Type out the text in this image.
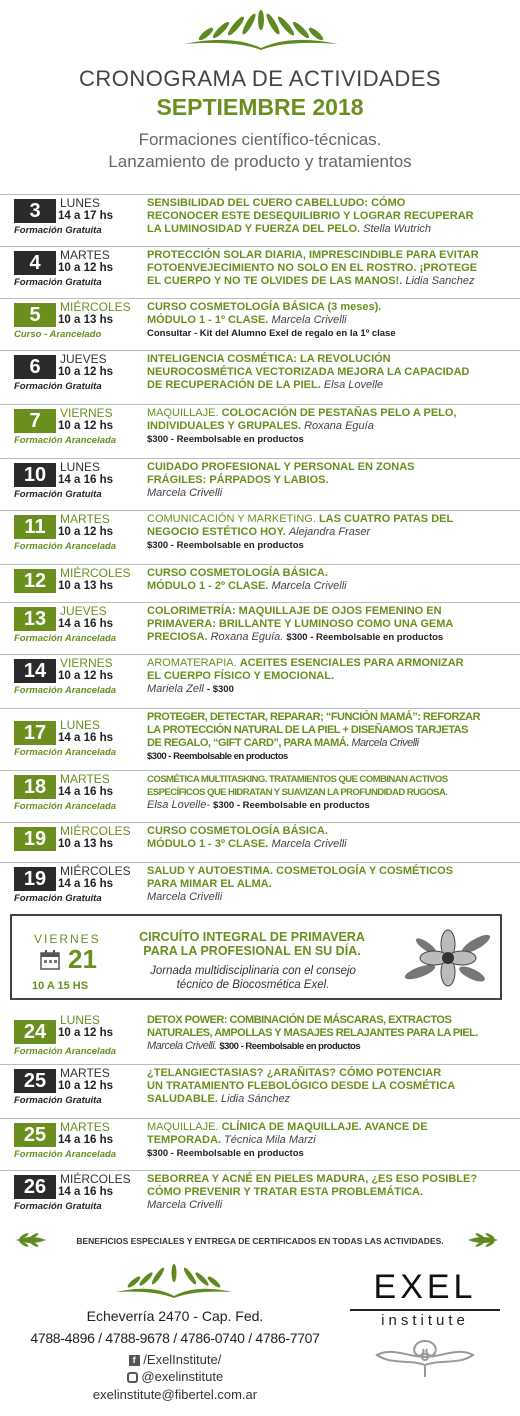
CRONOGRAMA DE ACTIVIDADES
SEPTIEMBRE 2018
Formaciones científico-técnicas.
Lanzamiento de producto y tratamientos
3	LUNES
14 a 17 hs
Formación Gratuita
SENSIBILIDAD DEL CUERO CABELLUDO: CÓMO
RECONOCER ESTE DESEQUILIBRIO Y LOGRAR RECUPERAR
LA LUMINOSIDAD Y FUERZA DEL PELO. Stella Wutrich
4	MARTES
10 a 12 hs
Formación Gratuita
PROTECCIÓN SOLAR DIARIA, IMPRESCINDIBLE PARA EVITAR
FOTOENVEJECIMIENTO NO SOLO EN EL ROSTRO. ¡PROTEGE
EL CUERPO Y NO TE OLVIDES DE LAS MANOS!. Lidia Sanchez
5	MIÉRCOLES
10 a 13 hs
Curso - Arancelado
CURSO COSMETOLOGÍA BÁSICA (3 meses).
MÓDULO 1 - 1º CLASE. Marcela Crivelli
Consultar - Kit del Alumno Exel de regalo en la 1º clase
6	JUEVES
10 a 12 hs
Formación Gratuita
INTELIGENCIA COSMÉTICA: LA REVOLUCIÓN
NEUROCOSMÉTICA VECTORIZADA MEJORA LA CAPACIDAD
DE RECUPERACIÓN DE LA PIEL. Elsa Lovelle
7	VIERNES
10 a 12 hs
Formación Arancelada
MAQUILLAJE. COLOCACIÓN DE PESTAÑAS PELO A PELO,
INDIVIDUALES Y GRUPALES. Roxana Eguía
$300 - Reembolsable en productos
10	LUNES
14 a 16 hs
Formación Gratuita
CUIDADO PROFESIONAL Y PERSONAL EN ZONAS
FRÁGILES: PÁRPADOS Y LABIOS.
Marcela Crivelli
11	MARTES
10 a 12 hs
Formación Arancelada
COMUNICACIÓN Y MARKETING. LAS CUATRO PATAS DEL
NEGOCIO ESTÉTICO HOY. Alejandra Fraser
$300 - Reembolsable en productos
12	MIÉRCOLES
10 a 13 hs
CURSO COSMETOLOGÍA BÁSICA.
MÓDULO 1 - 2º CLASE. Marcela Crivelli
13	JUEVES
14 a 16 hs
Formación Arancelada
COLORIMETRÍA: MAQUILLAJE DE OJOS FEMENINO EN
PRIMAVERA: BRILLANTE Y LUMINOSO COMO UNA GEMA
PRECIOSA. Roxana Eguía. $300 - Reembolsable en productos
14	VIERNES
10 a 12 hs
Formación Arancelada
AROMATERAPIA. ACEITES ESENCIALES PARA ARMONIZAR
EL CUERPO FÍSICO Y EMOCIONAL.
Mariela Zell - $300
17	LUNES
14 a 16 hs
Formación Arancelada
PROTEGER, DETECTAR, REPARAR; “FUNCIÓN MAMÁ”: REFORZAR
LA PROTECCIÓN NATURAL DE LA PIEL + DISEÑAMOS TARJETAS
DE REGALO, “GIFT CARD”, PARA MAMÁ. Marcela Crivelli
$300 - Reembolsable en productos
18	MARTES
14 a 16 hs
Formación Arancelada
COSMÉTICA MULTITASKING. TRATAMIENTOS QUE COMBINAN ACTIVOS
ESPECÍFICOS QUE HIDRATAN Y SUAVIZAN LA PROFUNDIDAD RUGOSA.
Elsa Lovelle- $300 - Reembolsable en productos
19	MIÉRCOLES
10 a 13 hs
CURSO COSMETOLOGÍA BÁSICA.
MÓDULO 1 - 3º CLASE. Marcela Crivelli
19	MIÉRCOLES
14 a 16 hs
Formación Gratuita
SALUD Y AUTOESTIMA. COSMETOLOGÍA Y COSMÉTICOS
PARA MIMAR EL ALMA.
Marcela Crivelli
VIERNES
21
10 A 15 HS
CIRCUÍTO INTEGRAL DE PRIMAVERA
PARA LA PROFESIONAL EN SU DÍA.
Jornada multidisciplinaria con el consejo
técnico de Biocosmética Exel.
24
LUNES
10 a 12 hs
Formación Arancelada
DETOX POWER: COMBINACIÓN DE MÁSCARAS, EXTRACTOS
NATURALES, AMPOLLAS Y MASAJES RELAJANTES PARA LA PIEL.
Marcela Crivelli. $300 - Reembolsable en productos
25	MARTES
10 a 12 hs
Formación Gratuita
¿TELANGIECTASIAS? ¿ARAÑITAS? CÓMO POTENCIAR
UN TRATAMIENTO FLEBOLÓGICO DESDE LA COSMÉTICA
SALUDABLE. Lidia Sánchez
25	MARTES
14 a 16 hs
Formación Arancelada
MAQUILLAJE. CLÍNICA DE MAQUILLAJE. AVANCE DE
TEMPORADA. Técnica Mila Marzi
$300 - Reembolsable en productos
26	MIÉRCOLES
14 a 16 hs
Formación Gratuita
SEBORREA Y ACNÉ EN PIELES MADURA, ¿ES ESO POSIBLE?
CÓMO PREVENIR Y TRATAR ESTA PROBLEMÁTICA.
Marcela Crivelli
BENEFICIOS ESPECIALES Y ENTREGA DE CERTIFICADOS EN TODAS LAS ACTIVIDADES.
Echeverría 2470 - Cap. Fed.
4788-4896 / 4788-9678 / 4786-0740 / 4786-7707
f /ExelInstitute/
@exelinstitute
exelinstitute@fibertel.com.ar
EXEL
institute
